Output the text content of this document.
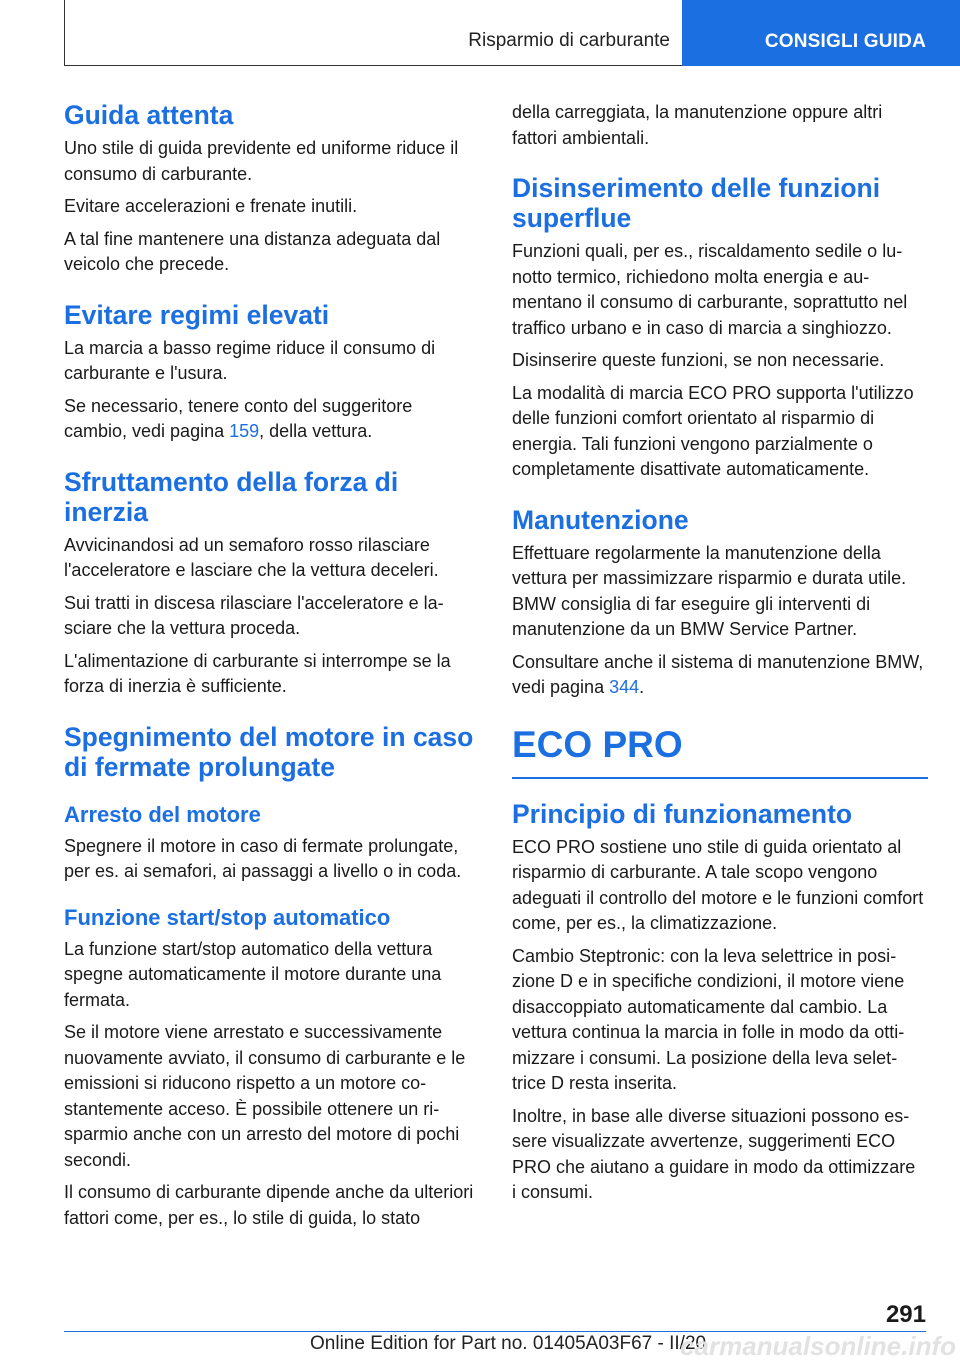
Risparmio di carburante	CONSIGLI GUIDA
Guida attenta

Uno stile di guida previdente ed uniforme riduce il consumo di carburante.

Evitare accelerazioni e frenate inutili.

A tal fine mantenere una distanza adeguata dal veicolo che precede.

Evitare regimi elevati

La marcia a basso regime riduce il consumo di carburante e l'usura.

Se necessario, tenere conto del suggeritore cambio, vedi pagina 159, della vettura.

Sfruttamento della forza di inerzia

Avvicinandosi ad un semaforo rosso rilasciare l'acceleratore e lasciare che la vettura deceleri.

Sui tratti in discesa rilasciare l'acceleratore e lasciare che la vettura proceda.

L'alimentazione di carburante si interrompe se la forza di inerzia è sufficiente.

Spegnimento del motore in caso di fermate prolungate
Arresto del motore

Spegnere il motore in caso di fermate prolungate, per es. ai semafori, ai passaggi a livello o in coda.

Funzione start/stop automatico

La funzione start/stop automatico della vettura spegne automaticamente il motore durante una fermata.

Se il motore viene arrestato e successivamente nuovamente avviato, il consumo di carburante e le emissioni si riducono rispetto a un motore costantemente acceso. È possibile ottenere un risparmio anche con un arresto del motore di pochi secondi.

Il consumo di carburante dipende anche da ulteriori fattori come, per es., lo stile di guida, lo stato

della carreggiata, la manutenzione oppure altri fattori ambientali.

Disinserimento delle funzioni superflue

Funzioni quali, per es., riscaldamento sedile o lunotto termico, richiedono molta energia e aumentano il consumo di carburante, soprattutto nel traffico urbano e in caso di marcia a singhiozzo.

Disinserire queste funzioni, se non necessarie.

La modalità di marcia ECO PRO supporta l'utilizzo delle funzioni comfort orientato al risparmio di energia. Tali funzioni vengono parzialmente o completamente disattivate automaticamente.

Manutenzione

Effettuare regolarmente la manutenzione della vettura per massimizzare risparmio e durata utile. BMW consiglia di far eseguire gli interventi di manutenzione da un BMW Service Partner.

Consultare anche il sistema di manutenzione BMW, vedi pagina 344.

ECO PRO
Principio di funzionamento

ECO PRO sostiene uno stile di guida orientato al risparmio di carburante. A tale scopo vengono adeguati il controllo del motore e le funzioni comfort come, per es., la climatizzazione.

Cambio Steptronic: con la leva selettrice in posizione D e in specifiche condizioni, il motore viene disaccoppiato automaticamente dal cambio. La vettura continua la marcia in folle in modo da ottimizzare i consumi. La posizione della leva selettrice D resta inserita.

Inoltre, in base alle diverse situazioni possono essere visualizzate avvertenze, suggerimenti ECO PRO che aiutano a guidare in modo da ottimizzare i consumi.

291
Online Edition for Part no. 01405A03F67 - II/20
carmanualsonline.info
